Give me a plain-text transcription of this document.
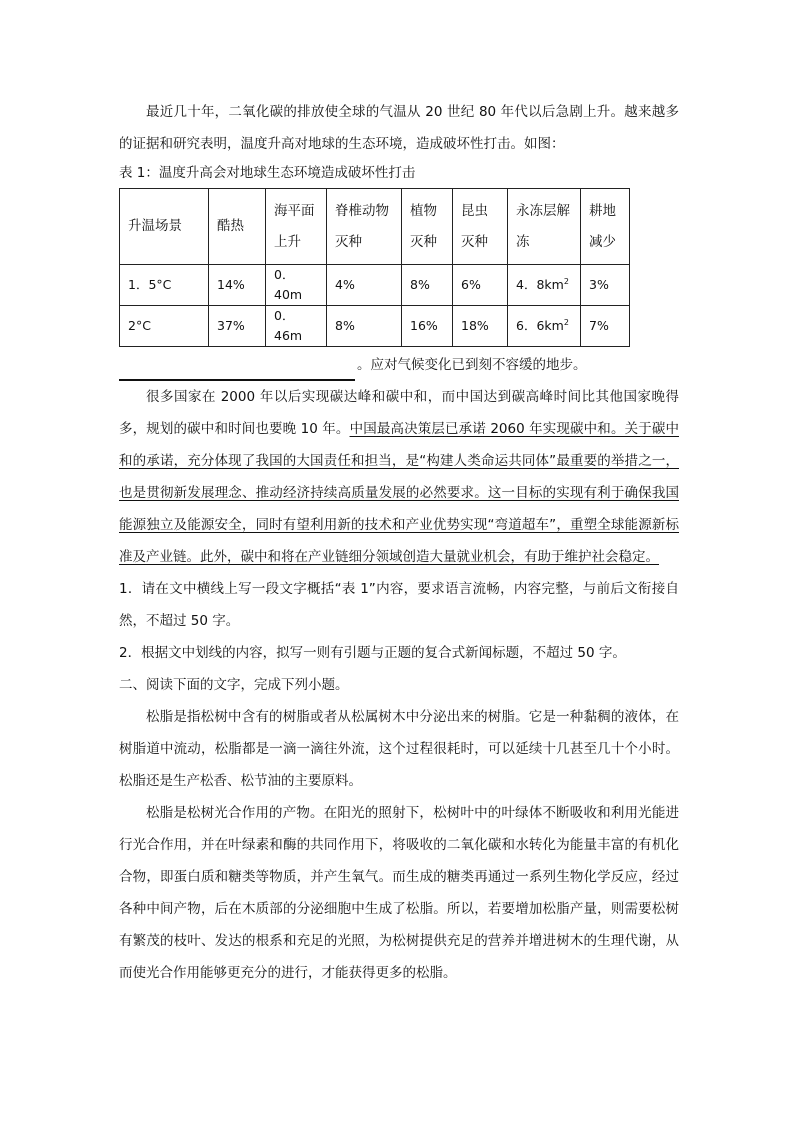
最近几十年，二氧化碳的排放使全球的气温从 20 世纪 80 年代以后急剧上升。越来越多的证据和研究表明，温度升高对地球的生态环境，造成破坏性打击。如图：

表 1：温度升高会对地球生态环境造成破坏性打击

升温场景	酷热	海平面上升	脊椎动物灭种	植物灭种	昆虫灭种	永冻层解冻	耕地减少
1．5°C	14%	0．40m	4%	8%	6%	4．$8km^2$	3%
2°C	37%	0．46m	8%	16%	18%	6．$6km^2$	7%

。应对气候变化已到刻不容缓的地步。

很多国家在 2000 年以后实现碳达峰和碳中和，而中国达到碳高峰时间比其他国家晚得多，规划的碳中和时间也要晚 10 年。中国最高决策层已承诺 2060 年实现碳中和。关于碳中和的承诺，充分体现了我国的大国责任和担当，是“构建人类命运共同体”最重要的举措之一，也是贯彻新发展理念、推动经济持续高质量发展的必然要求。这一目标的实现有利于确保我国能源独立及能源安全，同时有望利用新的技术和产业优势实现“弯道超车”，重塑全球能源新标准及产业链。此外，碳中和将在产业链细分领域创造大量就业机会，有助于维护社会稳定。

1．请在文中横线上写一段文字概括“表 1”内容，要求语言流畅，内容完整，与前后文衔接自然，不超过 50 字。

2．根据文中划线的内容，拟写一则有引题与正题的复合式新闻标题，不超过 50 字。

二、阅读下面的文字，完成下列小题。

松脂是指松树中含有的树脂或者从松属树木中分泌出来的树脂。它是一种黏稠的液体，在树脂道中流动，松脂都是一滴一滴往外流，这个过程很耗时，可以延续十几甚至几十个小时。松脂还是生产松香、松节油的主要原料。

松脂是松树光合作用的产物。在阳光的照射下，松树叶中的叶绿体不断吸收和利用光能进行光合作用，并在叶绿素和酶的共同作用下，将吸收的二氧化碳和水转化为能量丰富的有机化合物，即蛋白质和糖类等物质，并产生氧气。而生成的糖类再通过一系列生物化学反应，经过各种中间产物，后在木质部的分泌细胞中生成了松脂。所以，若要增加松脂产量，则需要松树有繁茂的枝叶、发达的根系和充足的光照，为松树提供充足的营养并增进树木的生理代谢，从而使光合作用能够更充分的进行，才能获得更多的松脂。
